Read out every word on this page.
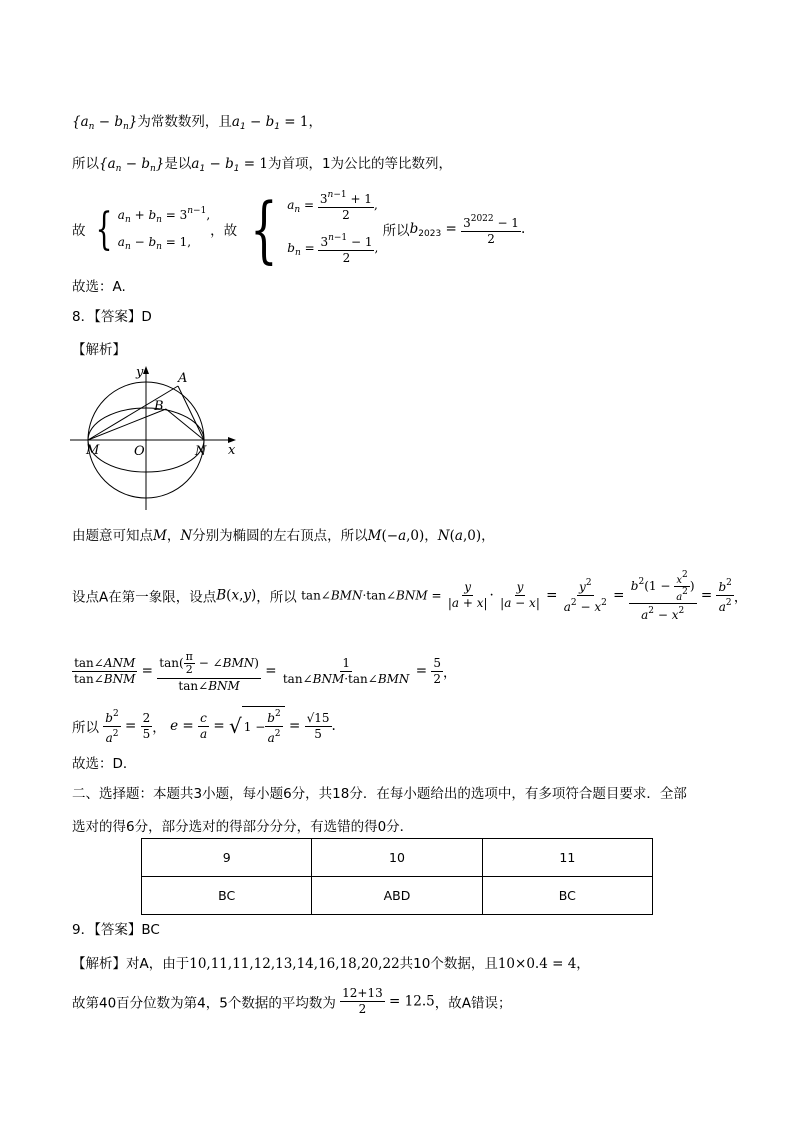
$\{a_n - b_n\}$为常数数列，且$a_1 - b_1 = 1$，
所以$\{a_n - b_n\}$是以$a_1 - b_1 = 1$为首项，1为公比的等比数列，
故 { $a_n + b_n = 3^{n-1}$,
$a_n - b_n = 1$,
，故 { $a_n = \frac{3^{n-1} + 1}{2}$ ,
$b_n = \frac{3^{n-1} - 1}{2}$ ,
所以$b_{2023} = \frac{3^{2022} - 1}{2}$ .
故选：A.
8．【答案】D
【解析】
y
x
A
B
M	O	N
由题意可知点M，N分别为椭圆的左右顶点，所以M(−a,0)，N(a,0)，
设点A在第一象限，设点B(x,y)，所以 tan∠BMN·tan∠BNM = $\frac{y}{|a + x|} \cdot \frac{y}{|a - x|} = \frac{y^2}{a^2 - x^2} = \frac{b^2(1 - \frac{x2}{a2} )}{a^2 - x^2} = \frac{b^2}{a^2}$ ，
$\frac{\text{tan∠ANM}}{\text{tan∠BNM}} = \frac{\tan( \frac{\pi}{2} - \angle BMN)}{\text{tan∠BNM}} = \frac{1}{\text{tan∠BNM·tan∠BMN}} = \frac{5}{2}$ ，
所以 $\frac{b^2}{a^2} = \frac{2}{5}$ ， $e = \frac{c}{a}$ = √ $1 - \frac{b^2}{a^2} = \frac{√15}{5}$ .
故选：D．
二、选择题：本题共3小题，每小题6分，共18分．在每小题给出的选项中，有多项符合题目要求．全部
选对的得6分，部分选对的得部分分分，有选错的得0分．
9	10	11
BC	ABD	BC
9．【答案】BC
【解析】对A，由于10,11,11,12,13,14,16,18,20,22共10个数据，且10×0.4 = 4，
故第40百分位数为第4，5个数据的平均数为 $\frac{12+13}{2} = 12.5$，故A错误；
